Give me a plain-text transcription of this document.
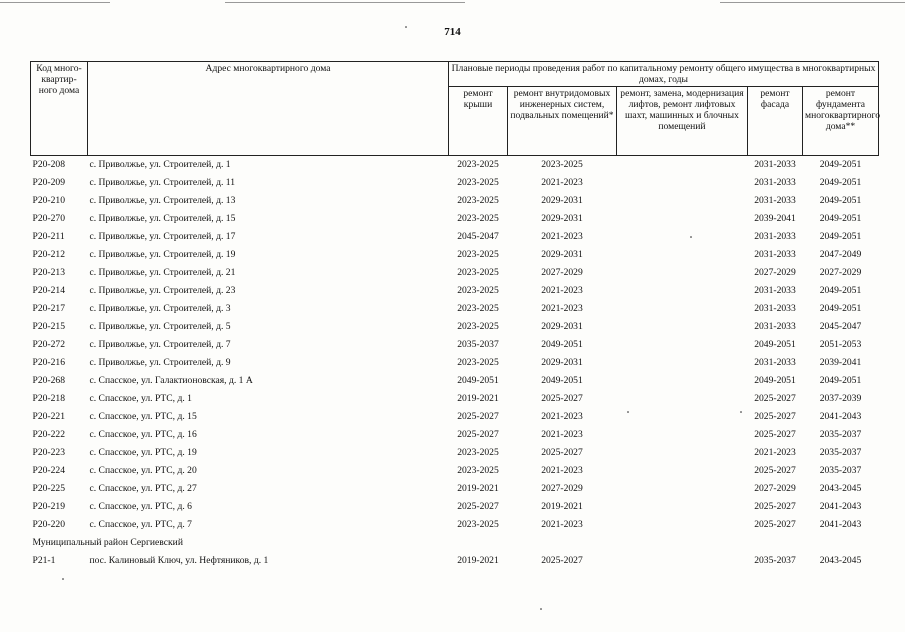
714
Код много-квартир-ного дома	Адрес многоквартирного дома	Плановые периоды проведения работ по капитальному ремонту общего имущества в многоквартирных домах, годы				
		ремонт крыши	ремонт внутридомовых инженерных систем, подвальных помещений*	ремонт, замена, модернизация лифтов, ремонт лифтовых шахт, машинных и блочных помещений	ремонт фасада	ремонт фундамента многоквартирного дома**
Р20-208	с. Приволжье, ул. Строителей, д. 1	2023-2025	2023-2025		2031-2033	2049-2051
Р20-209	с. Приволжье, ул. Строителей, д. 11	2023-2025	2021-2023		2031-2033	2049-2051
Р20-210	с. Приволжье, ул. Строителей, д. 13	2023-2025	2029-2031		2031-2033	2049-2051
Р20-270	с. Приволжье, ул. Строителей, д. 15	2023-2025	2029-2031		2039-2041	2049-2051
Р20-211	с. Приволжье, ул. Строителей, д. 17	2045-2047	2021-2023		2031-2033	2049-2051
Р20-212	с. Приволжье, ул. Строителей, д. 19	2023-2025	2029-2031		2031-2033	2047-2049
Р20-213	с. Приволжье, ул. Строителей, д. 21	2023-2025	2027-2029		2027-2029	2027-2029
Р20-214	с. Приволжье, ул. Строителей, д. 23	2023-2025	2021-2023		2031-2033	2049-2051
Р20-217	с. Приволжье, ул. Строителей, д. 3	2023-2025	2021-2023		2031-2033	2049-2051
Р20-215	с. Приволжье, ул. Строителей, д. 5	2023-2025	2029-2031		2031-2033	2045-2047
Р20-272	с. Приволжье, ул. Строителей, д. 7	2035-2037	2049-2051		2049-2051	2051-2053
Р20-216	с. Приволжье, ул. Строителей, д. 9	2023-2025	2029-2031		2031-2033	2039-2041
Р20-268	с. Спасское, ул. Галактионовская, д. 1 А	2049-2051	2049-2051		2049-2051	2049-2051
Р20-218	с. Спасское, ул. РТС, д. 1	2019-2021	2025-2027		2025-2027	2037-2039
Р20-221	с. Спасское, ул. РТС, д. 15	2025-2027	2021-2023		2025-2027	2041-2043
Р20-222	с. Спасское, ул. РТС, д. 16	2025-2027	2021-2023		2025-2027	2035-2037
Р20-223	с. Спасское, ул. РТС, д. 19	2023-2025	2025-2027		2021-2023	2035-2037
Р20-224	с. Спасское, ул. РТС, д. 20	2023-2025	2021-2023		2025-2027	2035-2037
Р20-225	с. Спасское, ул. РТС, д. 27	2019-2021	2027-2029		2027-2029	2043-2045
Р20-219	с. Спасское, ул. РТС, д. 6	2025-2027	2019-2021		2025-2027	2041-2043
Р20-220	с. Спасское, ул. РТС, д. 7	2023-2025	2021-2023		2025-2027	2041-2043
Муниципальный район Сергиевский						
Р21-1	пос. Калиновый Ключ, ул. Нефтяников, д. 1	2019-2021	2025-2027		2035-2037	2043-2045
